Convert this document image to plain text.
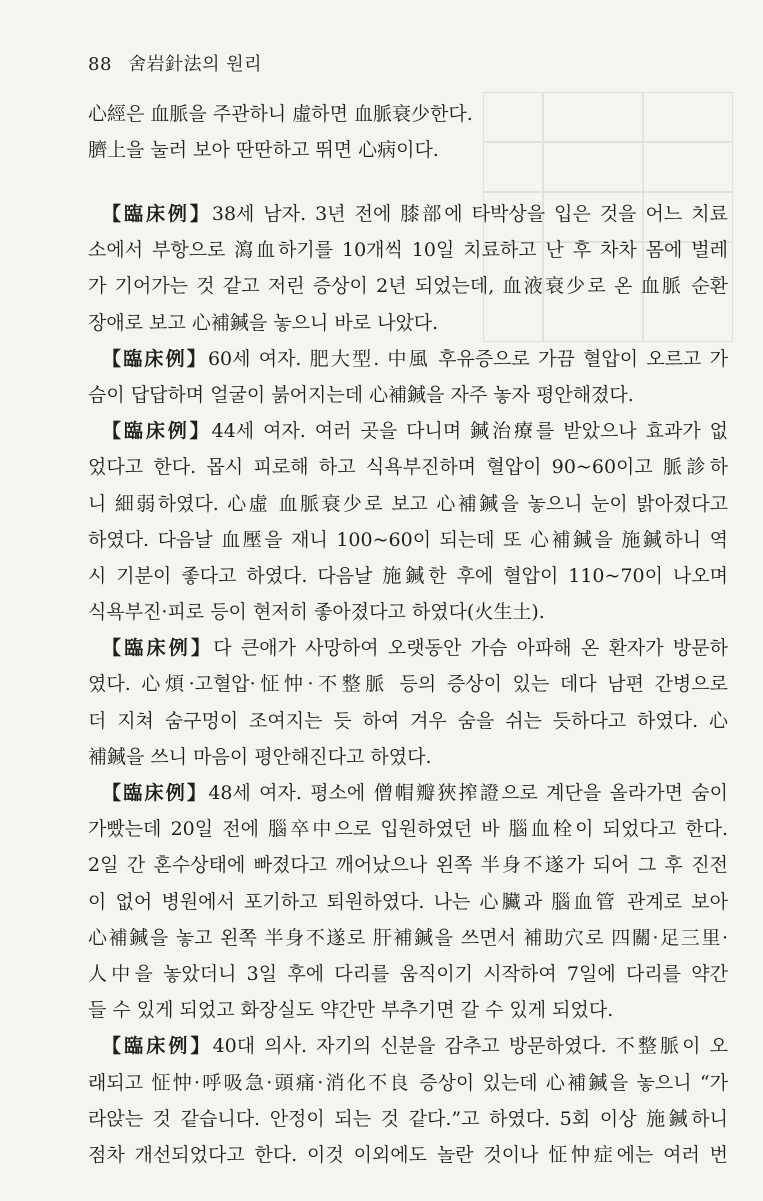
88 舍岩針法의 원리
心經은 血脈을 주관하니 虛하면 血脈衰少한다.
臍上을 눌러 보아 딴딴하고 뛰면 心病이다.
【臨床例】38세 남자. 3년 전에 膝部에 타박상을 입은 것을 어느 치료
소에서 부항으로 瀉血하기를 10개씩 10일 치료하고 난 후 차차 몸에 벌레
가 기어가는 것 같고 저린 증상이 2년 되었는데, 血液衰少로 온 血脈 순환
장애로 보고 心補鍼을 놓으니 바로 나았다.
【臨床例】60세 여자. 肥大型. 中風 후유증으로 가끔 혈압이 오르고 가
슴이 답답하며 얼굴이 붉어지는데 心補鍼을 자주 놓자 평안해졌다.
【臨床例】44세 여자. 여러 곳을 다니며 鍼治療를 받았으나 효과가 없
었다고 한다. 몹시 피로해 하고 식욕부진하며 혈압이 90~60이고 脈診하
니 細弱하였다. 心虛 血脈衰少로 보고 心補鍼을 놓으니 눈이 밝아졌다고
하였다. 다음날 血壓을 재니 100~60이 되는데 또 心補鍼을 施鍼하니 역
시 기분이 좋다고 하였다. 다음날 施鍼한 후에 혈압이 110~70이 나오며
식욕부진·피로 등이 현저히 좋아졌다고 하였다(火生土).
【臨床例】다 큰애가 사망하여 오랫동안 가슴 아파해 온 환자가 방문하
였다. 心煩·고혈압·怔忡·不整脈 등의 증상이 있는 데다 남편 간병으로
더 지쳐 숨구멍이 조여지는 듯 하여 겨우 숨을 쉬는 듯하다고 하였다. 心
補鍼을 쓰니 마음이 평안해진다고 하였다.
【臨床例】48세 여자. 평소에 僧帽瓣狹搾證으로 계단을 올라가면 숨이
가빴는데 20일 전에 腦卒中으로 입원하였던 바 腦血栓이 되었다고 한다.
2일 간 혼수상태에 빠졌다고 깨어났으나 왼쪽 半身不遂가 되어 그 후 진전
이 없어 병원에서 포기하고 퇴원하였다. 나는 心臟과 腦血管 관계로 보아
心補鍼을 놓고 왼쪽 半身不遂로 肝補鍼을 쓰면서 補助穴로 四關·足三里·
人中을 놓았더니 3일 후에 다리를 움직이기 시작하여 7일에 다리를 약간
들 수 있게 되었고 화장실도 약간만 부추기면 갈 수 있게 되었다.
【臨床例】40대 의사. 자기의 신분을 감추고 방문하였다. 不整脈이 오
래되고 怔忡·呼吸急·頭痛·消化不良 증상이 있는데 心補鍼을 놓으니 “가
라앉는 것 같습니다. 안정이 되는 것 같다.”고 하였다. 5회 이상 施鍼하니
점차 개선되었다고 한다. 이것 이외에도 놀란 것이나 怔忡症에는 여러 번
